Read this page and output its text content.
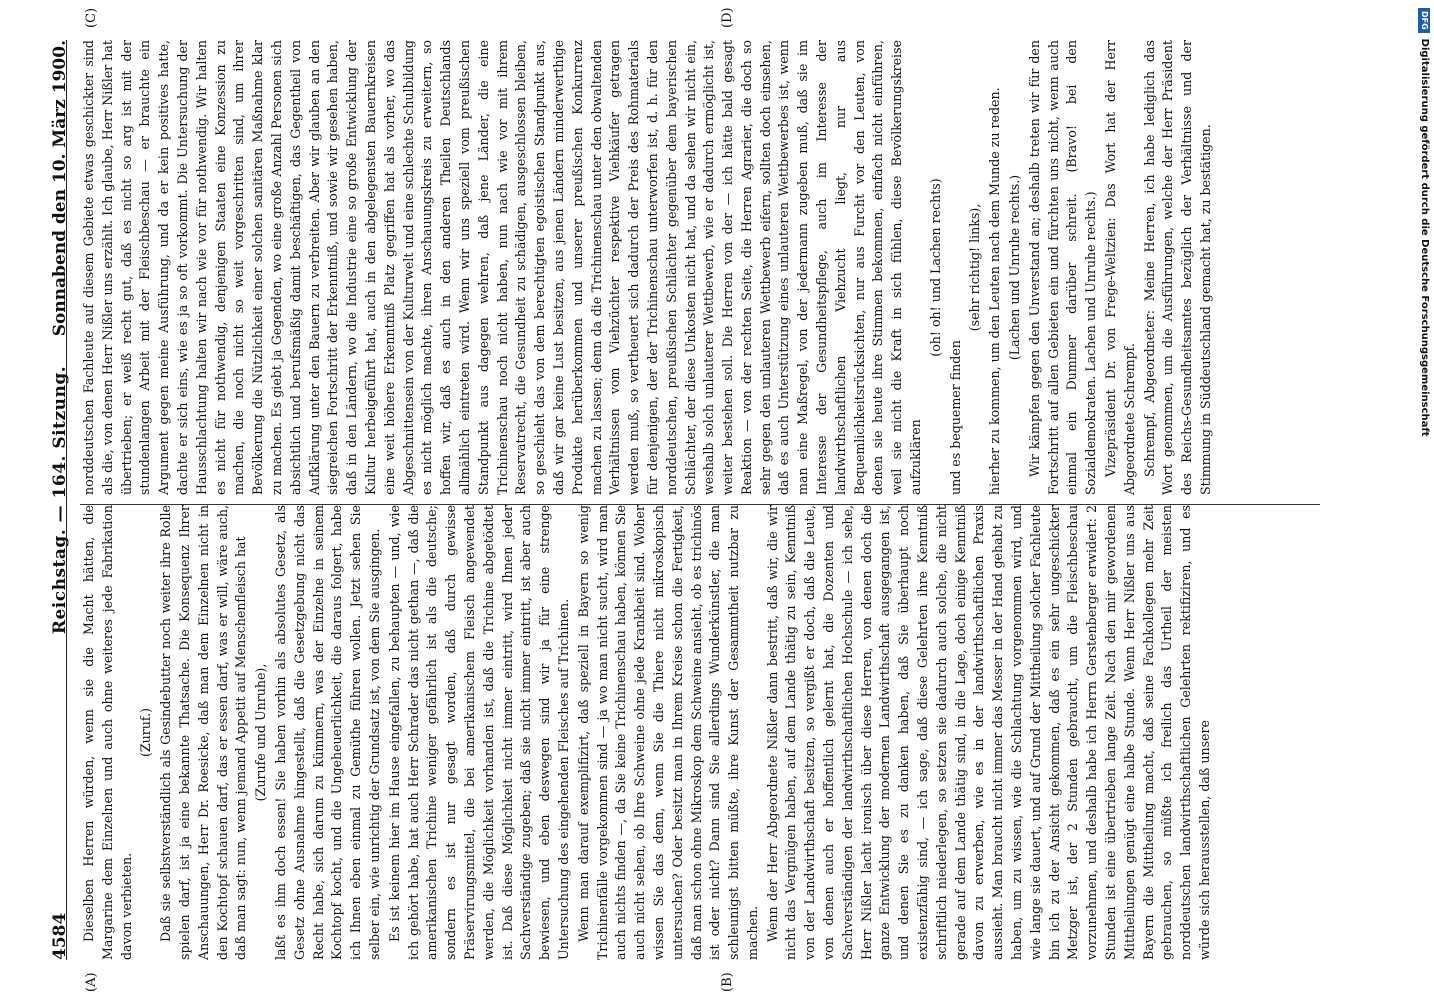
4584
Reichstag. — 164. Sitzung.
Sonnabend den 10. März 1900.
(A)	(B)
(C)	(D)

Dieselben Herren würden, wenn sie die Macht hätten, die Margarine dem Einzelnen und auch ohne weiteres jede Fabrikation davon verbieten.

(Zuruf.) Daß sie selbstverständlich als Gesindebutter noch weiter ihre Rolle spielen darf, ist ja eine bekannte Thatsache. Die Konsequenz Ihrer Anschauungen, Herr Dr. Roesicke, daß man dem Einzelnen nicht in den Kochtopf schauen darf, das er essen darf, was er will, wäre auch, daß man sagt: nun, wenn jemand Appetit auf Menschenfleisch hat (Zurufe und Unruhe), laßt es ihm doch essen! Sie haben vorhin als absolutes Gesetz, als Gesetz ohne Ausnahme hingestellt, daß die Gesetzgebung nicht das Recht habe, sich darum zu kümmern, was der Einzelne in seinem Kochtopf kocht, und die Ungeheuerlichkeit, die daraus folgert, habe ich Ihnen eben einmal zu Gemüthe führen wollen. Jetzt sehen Sie selber ein, wie unrichtig der Grundsatz ist, von dem Sie ausgingen. Es ist keinem hier im Hause eingefallen, zu behaupten — und, wie ich gehört habe, hat auch Herr Schrader das nicht gethan —, daß die amerikanischen Trichine weniger gefährlich ist als die deutsche; sondern es ist nur gesagt worden, daß durch gewisse Präservirungsmittel, die bei amerikanischem Fleisch angewendet werden, die Möglichkeit vorhanden ist, daß die Trichine abgetödtet ist. Daß diese Möglichkeit nicht immer eintritt, wird Ihnen jeder Sachverständige zugeben; daß sie nicht immer eintritt, ist aber auch bewiesen, und eben deswegen sind wir ja für eine strenge Untersuchung des eingehenden Fleisches auf Trichinen. Wenn man darauf exemplifizirt, daß speziell in Bayern so wenig Trichinenfälle vorgekommen sind — ja wo man nicht sucht, wird man auch nichts finden —, da Sie keine Trichinenschau haben, können Sie auch nicht sehen, ob Ihre Schweine ohne jede Krankheit sind. Woher wissen Sie das denn, wenn Sie die Thiere nicht mikroskopisch untersuchen? Oder besitzt man in Ihrem Kreise schon die Fertigkeit, daß man schon ohne Mikroskop dem Schweine ansieht, ob es trichinös ist oder nicht? Dann sind Sie allerdings Wunderkünstler, die man schleunigst bitten müßte, ihre Kunst der Gesammtheit nutzbar zu machen. Wenn der Herr Abgeordnete Nißler dann bestritt, daß wir, die wir nicht das Vergnügen haben, auf dem Lande thätig zu sein, Kenntniß von der Landwirthschaft besitzen, so vergißt er doch, daß die Leute, von denen auch er hoffentlich gelernt hat, die Dozenten und Sachverständigen der landwirthschaftlichen Hochschule — ich sehe, Herr Nißler lacht ironisch über diese Herren, von denen doch die ganze Entwicklung der modernen Landwirthschaft ausgegangen ist, und denen Sie es zu danken haben, daß Sie überhaupt noch existenzfähig sind, — ich sage, daß diese Gelehrten ihre Kenntniß schriftlich niederlegen, so setzen sie dadurch auch solche, die nicht gerade auf dem Lande thätig sind, in die Lage, doch einige Kenntniß davon zu erwerben, wie es in der landwirthschaftlichen Praxis aussieht. Man braucht nicht immer das Messer in der Hand gehabt zu haben, um zu wissen, wie die Schlachtung vorgenommen wird, und wie lange sie dauert, und auf Grund der Mittheilung solcher Fachleute bin ich zu der Ansicht gekommen, daß es ein sehr ungeschickter Metzger ist, der 2 Stunden gebraucht, um die Fleischbeschau vorzunehmen, und deshalb habe ich Herrn Gerstenberger erwidert: 2 Stunden ist eine übertrieben lange Zeit. Nach den mir gewordenen Mittheilungen genügt eine halbe Stunde. Wenn Herr Nißler uns aus Bayern die Mittheilung macht, daß seine Fachkollegen mehr Zeit gebrauchen, so müßte ich freilich das Urtheil der meisten norddeutschen landwirthschaftlichen Gelehrten rektifiziren, und es würde sich herausstellen, daß unsere

norddeutschen Fachleute auf diesem Gebiete etwas geschickter sind als die, von denen Herr Nißler uns erzählt. Ich glaube, Herr Nißler hat übertrieben; er weiß recht gut, daß es nicht so arg ist mit der stundenlangen Arbeit mit der Fleischbeschau — er brauchte ein Argument gegen meine Ausführung, und da er kein positives hatte, dachte er sich eins, wie es ja so oft vorkommt. Die Untersuchung der Hausschlachtung halten wir nach wie vor für nothwendig. Wir halten es nicht für nothwendig, denjenigen Staaten eine Konzession zu machen, die noch nicht so weit vorgeschritten sind, um ihrer Bevölkerung die Nützlichkeit einer solchen sanitären Maßnahme klar zu machen. Es giebt ja Gegenden, wo eine große Anzahl Personen sich absichtlich und berufsmäßig damit beschäftigen, das Gegentheil von Aufklärung unter den Bauern zu verbreiten. Aber wir glauben an den siegreichen Fortschritt der Erkenntniß, und sowie wir gesehen haben, daß in den Ländern, wo die Industrie eine so große Entwicklung der Kultur herbeigeführt hat, auch in den abgelegensten Bauernkreisen eine weit höhere Erkenntniß Platz gegriffen hat als vorher, wo das Abgeschnittensein von der Kulturwelt und eine schlechte Schulbildung es nicht möglich machte, ihren Anschauungskreis zu erweitern, so hoffen wir, daß es auch in den anderen Theilen Deutschlands allmählich eintreten wird. Wenn wir uns speziell vom preußischen Standpunkt aus dagegen wehren, daß jene Länder, die eine Trichinenschau noch nicht haben, nun nach wie vor mit ihrem Reservatrecht, die Gesundheit zu schädigen, ausgeschlossen bleiben, so geschieht das von dem berechtigten egoistischen Standpunkt aus, daß wir gar keine Lust besitzen, aus jenen Ländern minderwerthige Produkte herüberkommen und unserer preußischen Konkurrenz machen zu lassen; denn da die Trichinenschau unter den obwaltenden Verhältnissen vom Viehzüchter respektive Viehkäufer getragen werden muß, so vertheuert sich dadurch der Preis des Rohmaterials für denjenigen, der der Trichinenschau unterworfen ist, d. h. für den norddeutschen, preußischen Schlächter gegenüber dem bayerischen Schlächter, der diese Unkosten nicht hat, und da sehen wir nicht ein, weshalb solch unlauterer Wettbewerb, wie er dadurch ermöglicht ist, weiter bestehen soll. Die Herren von der — ich hätte bald gesagt Reaktion — von der rechten Seite, die Herren Agrarier, die doch so sehr gegen den unlauteren Wettbewerb eifern, sollten doch einsehen, daß es auch Unterstützung eines unlauteren Wettbewerbes ist, wenn man eine Maßregel, von der jedermann zugeben muß, daß sie im Interesse der Gesundheitspflege, auch im Interesse der landwirthschaftlichen Viehzucht liegt, nur aus Bequemlichkeitsrücksichten, nur aus Furcht vor den Leuten, von denen sie heute ihre Stimmen bekommen, einfach nicht einführen, weil sie nicht die Kraft in sich fühlen, diese Bevölkerungskreise aufzuklären

(oh! oh! und Lachen rechts)

und es bequemer finden

(sehr richtig! links), hierher zu kommen, um den Leuten nach dem Munde zu reden. (Lachen und Unruhe rechts.) Wir kämpfen gegen den Unverstand an; deshalb treten wir für den Fortschritt auf allen Gebieten ein und fürchten uns nicht, wenn auch einmal ein Dummer darüber schreit. (Bravo! bei den Sozialdemokraten. Lachen und Unruhe rechts.) Vizepräsident Dr. von Frege-Weltzien: Das Wort hat der Herr Abgeordnete Schrempf. Schrempf, Abgeordneter: Meine Herren, ich habe lediglich das Wort genommen, um die Ausführungen, welche der Herr Präsident des Reichs-Gesundheitsamtes bezüglich der Verhältnisse und der Stimmung in Süddeutschland gemacht hat, zu bestätigen.

DFGDigitalisierung gefördert durch die Deutsche Forschungsgemeinschaft
